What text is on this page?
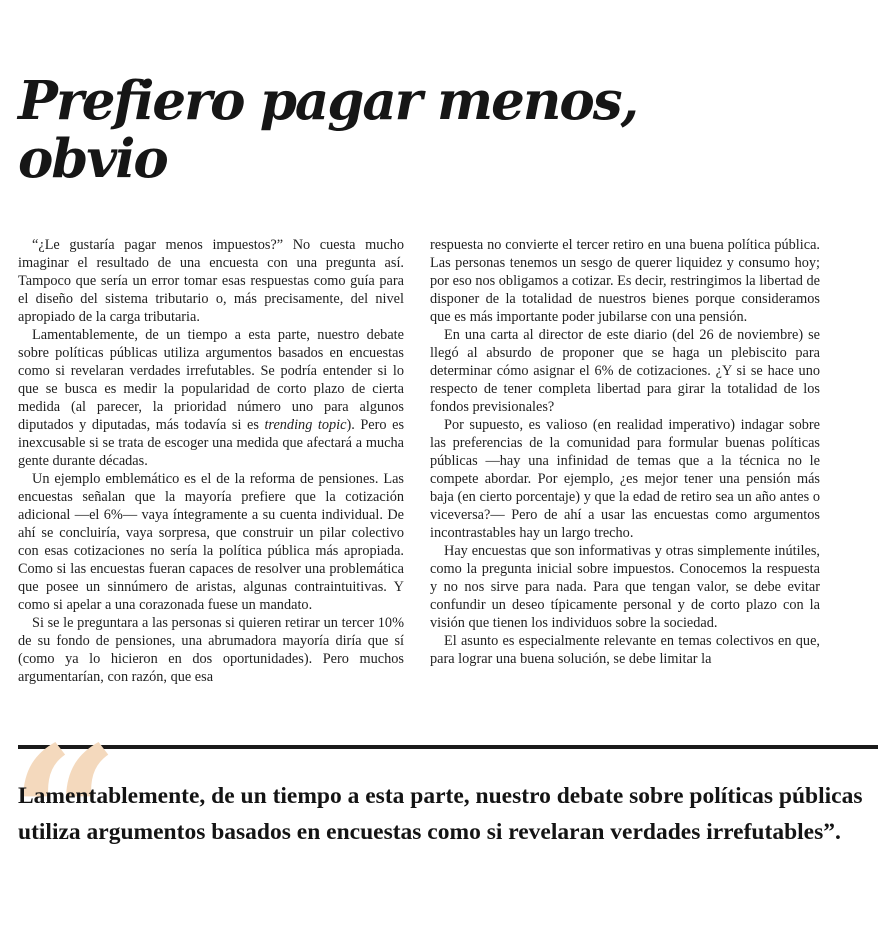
Prefiero pagar menos,
obvio

“¿Le gustaría pagar menos impuestos?” No cuesta mucho imaginar el resultado de una encuesta con una pregunta así. Tampoco que sería un error tomar esas respuestas como guía para el diseño del sistema tributario o, más precisamente, del nivel apropiado de la carga tributaria.

Lamentablemente, de un tiempo a esta parte, nuestro debate sobre políticas públicas utiliza argumentos basados en encuestas como si revelaran verdades irrefutables. Se podría entender si lo que se busca es medir la popularidad de corto plazo de cierta medida (al parecer, la prioridad número uno para algunos diputados y diputadas, más todavía si es trending topic). Pero es inexcusable si se trata de escoger una medida que afectará a mucha gente durante décadas.

Un ejemplo emblemático es el de la reforma de pensiones. Las encuestas señalan que la mayoría prefiere que la cotización adicional —el 6%— vaya íntegramente a su cuenta individual. De ahí se concluiría, vaya sorpresa, que construir un pilar colectivo con esas cotizaciones no sería la política pública más apropiada. Como si las encuestas fueran capaces de resolver una problemática que posee un sinnúmero de aristas, algunas contraintuitivas. Y como si apelar a una corazonada fuese un mandato.

Si se le preguntara a las personas si quieren retirar un tercer 10% de su fondo de pensiones, una abrumadora mayoría diría que sí (como ya lo hicieron en dos oportunidades). Pero muchos argumentarían, con razón, que esa

respuesta no convierte el tercer retiro en una buena política pública. Las personas tenemos un sesgo de querer liquidez y consumo hoy; por eso nos obligamos a cotizar. Es decir, restringimos la libertad de disponer de la totalidad de nuestros bienes porque consideramos que es más importante poder jubilarse con una pensión.

En una carta al director de este diario (del 26 de noviembre) se llegó al absurdo de proponer que se haga un plebiscito para determinar cómo asignar el 6% de cotizaciones. ¿Y si se hace uno respecto de tener completa libertad para girar la totalidad de los fondos previsionales?

Por supuesto, es valioso (en realidad imperativo) indagar sobre las preferencias de la comunidad para formular buenas políticas públicas —hay una infinidad de temas que a la técnica no le compete abordar. Por ejemplo, ¿es mejor tener una pensión más baja (en cierto porcentaje) y que la edad de retiro sea un año antes o viceversa?— Pero de ahí a usar las encuestas como argumentos incontrastables hay un largo trecho.

Hay encuestas que son informativas y otras simplemente inútiles, como la pregunta inicial sobre impuestos. Conocemos la respuesta y no nos sirve para nada. Para que tengan valor, se debe evitar confundir un deseo típicamente personal y de corto plazo con la visión que tienen los individuos sobre la sociedad.

El asunto es especialmente relevante en temas colectivos en que, para lograr una buena solución, se debe limitar la

“
Lamentablemente, de un tiempo a esta parte, nuestro debate sobre políticas públicas
utiliza argumentos basados en encuestas como si revelaran verdades irrefutables”.
